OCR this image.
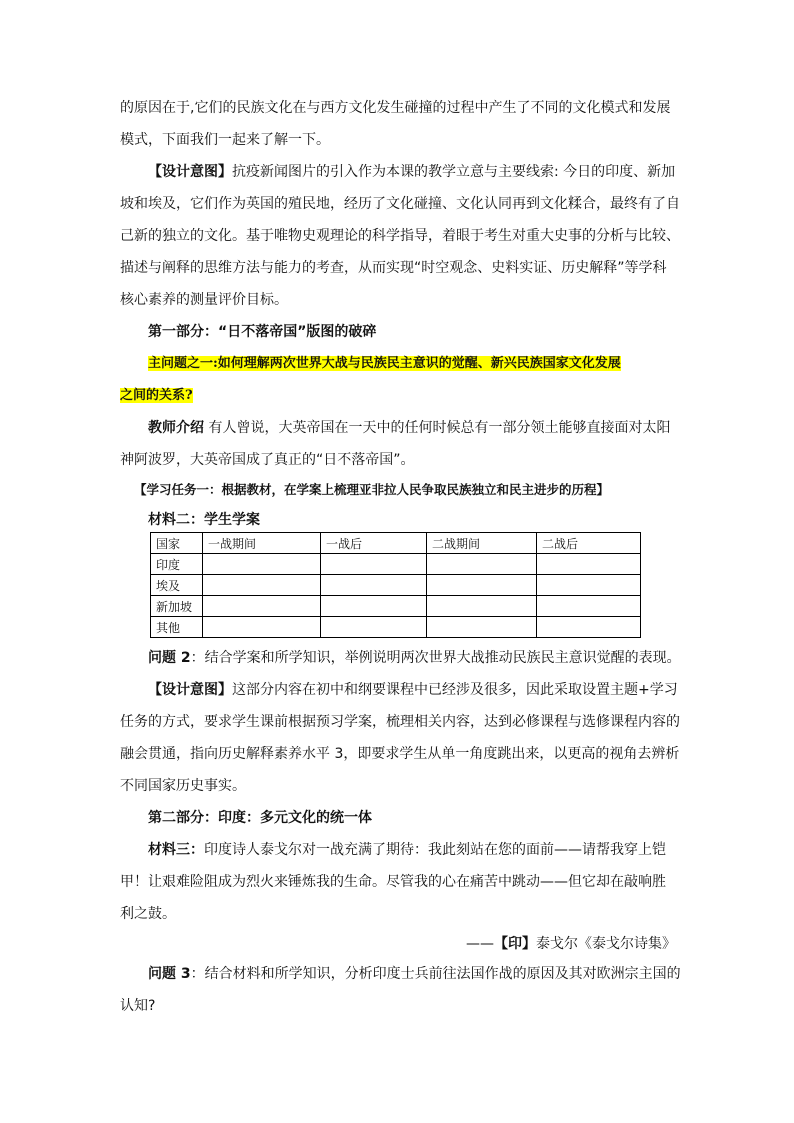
的原因在于,它们的民族文化在与西方文化发生碰撞的过程中产生了不同的文化模式和发展
模式，下面我们一起来了解一下。
【设计意图】抗疫新闻图片的引入作为本课的教学立意与主要线索: 今日的印度、新加
坡和埃及，它们作为英国的殖民地，经历了文化碰撞、文化认同再到文化糅合，最终有了自
己新的独立的文化。基于唯物史观理论的科学指导，着眼于考生对重大史事的分析与比较、
描述与阐释的思维方法与能力的考查，从而实现“时空观念、史料实证、历史解释”等学科
核心素养的测量评价目标。
第一部分：“日不落帝国”版图的破碎
主问题之一:如何理解两次世界大战与民族民主意识的觉醒、新兴民族国家文化发展
之间的关系?
教师介绍 有人曾说，大英帝国在一天中的任何时候总有一部分领土能够直接面对太阳
神阿波罗，大英帝国成了真正的“日不落帝国”。
【学习任务一：根据教材，在学案上梳理亚非拉人民争取民族独立和民主进步的历程】
材料二：学生学案
国家	一战期间	一战后	二战期间	二战后
印度				
埃及				
新加坡				
其他				
问题 2：结合学案和所学知识，举例说明两次世界大战推动民族民主意识觉醒的表现。
【设计意图】这部分内容在初中和纲要课程中已经涉及很多，因此采取设置主题+学习
任务的方式，要求学生课前根据预习学案，梳理相关内容，达到必修课程与选修课程内容的
融会贯通，指向历史解释素养水平 3，即要求学生从单一角度跳出来，以更高的视角去辨析
不同国家历史事实。
第二部分：印度：多元文化的统一体
材料三：印度诗人泰戈尔对一战充满了期待：我此刻站在您的面前——请帮我穿上铠
甲！让艰难险阻成为烈火来锤炼我的生命。尽管我的心在痛苦中跳动——但它却在敲响胜
利之鼓。
——【印】泰戈尔《泰戈尔诗集》
问题 3：结合材料和所学知识，分析印度士兵前往法国作战的原因及其对欧洲宗主国的
认知?
